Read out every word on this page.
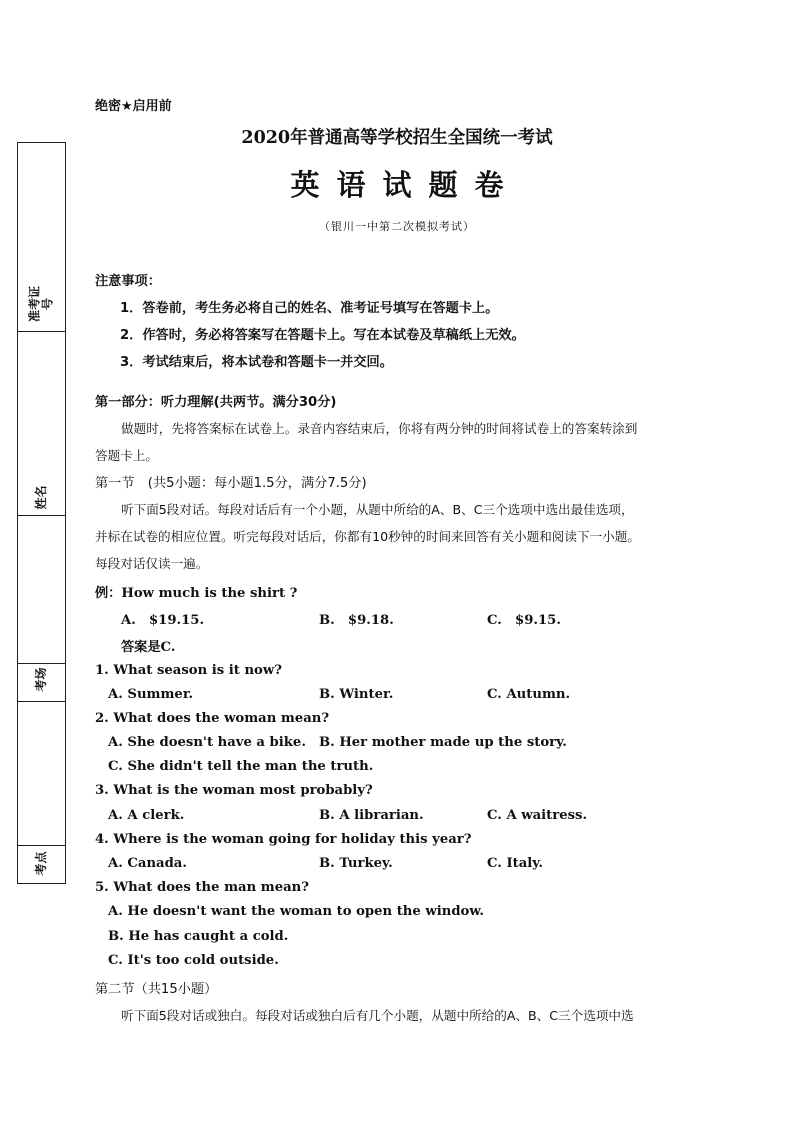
准考证号
姓名
考场
考点
绝密★启用前
2020年普通高等学校招生全国统一考试
英语试题卷
（银川一中第二次模拟考试）
注意事项：
1．答卷前，考生务必将自己的姓名、准考证号填写在答题卡上。
2．作答时，务必将答案写在答题卡上。写在本试卷及草稿纸上无效。
3．考试结束后，将本试卷和答题卡一并交回。
第一部分：听力理解(共两节。满分30分)
做题时，先将答案标在试卷上。录音内容结束后，你将有两分钟的时间将试卷上的答案转涂到
答题卡上。
第一节　(共5小题：每小题1.5分，满分7.5分)
听下面5段对话。每段对话后有一个小题，从题中所给的A、B、C三个选项中选出最佳选项，
并标在试卷的相应位置。听完每段对话后，你都有10秒钟的时间来回答有关小题和阅读下一小题。
每段对话仅读一遍。
例：How much is the shirt ?
A.　$19.15.	B.　$9.18.	C.　$9.15.
答案是C.
1. What season is it now?
A. Summer.	B. Winter.	C. Autumn.
2. What does the woman mean?
A. She doesn't have a bike. B. Her mother made up the story.
C. She didn't tell the man the truth.
3. What is the woman most probably?
A. A clerk.	B. A librarian.	C. A waitress.
4. Where is the woman going for holiday this year?
A. Canada.	B. Turkey.	C. Italy.
5. What does the man mean?
A. He doesn't want the woman to open the window.
B. He has caught a cold.
C. It's too cold outside.
第二节（共15小题）
听下面5段对话或独白。每段对话或独白后有几个小题，从题中所给的A、B、C三个选项中选
